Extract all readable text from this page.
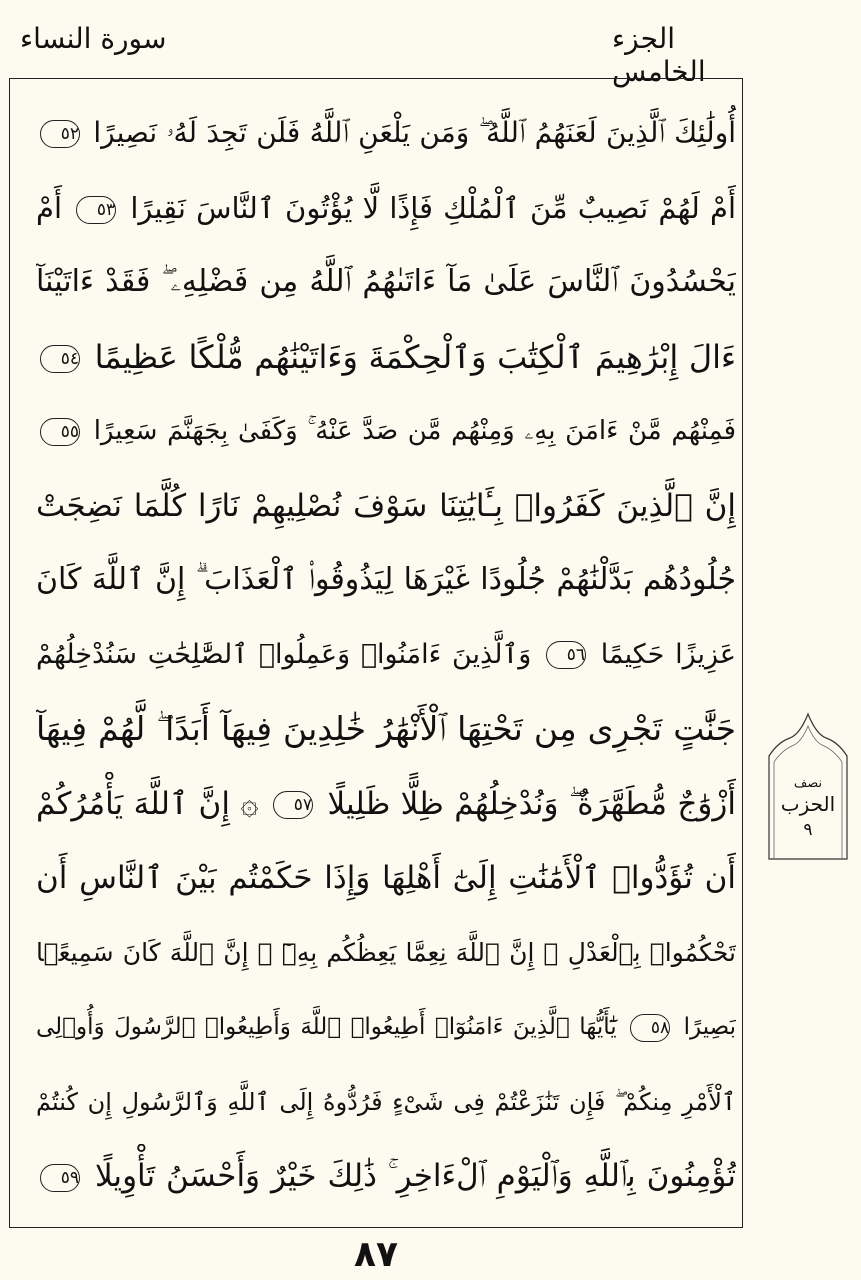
الجزء الخامس
سورة النساء
أُولَٰئِكَ ٱلَّذِينَ لَعَنَهُمُ ٱللَّهُ ۖ وَمَن يَلْعَنِ ٱللَّهُ فَلَن تَجِدَ لَهُۥ نَصِيرًا ٥٢
أَمْ لَهُمْ نَصِيبٌ مِّنَ ٱلْمُلْكِ فَإِذًا لَّا يُؤْتُونَ ٱلنَّاسَ نَقِيرًا ٥٣ أَمْ
يَحْسُدُونَ ٱلنَّاسَ عَلَىٰ مَآ ءَاتَىٰهُمُ ٱللَّهُ مِن فَضْلِهِۦ ۖ فَقَدْ ءَاتَيْنَآ
ءَالَ إِبْرَٰهِيمَ ٱلْكِتَٰبَ وَٱلْحِكْمَةَ وَءَاتَيْنَٰهُم مُّلْكًا عَظِيمًا ٥٤
فَمِنْهُم مَّنْ ءَامَنَ بِهِۦ وَمِنْهُم مَّن صَدَّ عَنْهُ ۚ وَكَفَىٰ بِجَهَنَّمَ سَعِيرًا ٥٥
إِنَّ ٱلَّذِينَ كَفَرُوا۟ بِـَٔايَٰتِنَا سَوْفَ نُصْلِيهِمْ نَارًا كُلَّمَا نَضِجَتْ
جُلُودُهُم بَدَّلْنَٰهُمْ جُلُودًا غَيْرَهَا لِيَذُوقُوا۟ ٱلْعَذَابَ ۗ إِنَّ ٱللَّهَ كَانَ
عَزِيزًا حَكِيمًا ٥٦ وَٱلَّذِينَ ءَامَنُوا۟ وَعَمِلُوا۟ ٱلصَّٰلِحَٰتِ سَنُدْخِلُهُمْ
جَنَّٰتٍ تَجْرِى مِن تَحْتِهَا ٱلْأَنْهَٰرُ خَٰلِدِينَ فِيهَآ أَبَدًا ۖ لَّهُمْ فِيهَآ
أَزْوَٰجٌ مُّطَهَّرَةٌ ۖ وَنُدْخِلُهُمْ ظِلًّا ظَلِيلًا ٥٧ ۞ إِنَّ ٱللَّهَ يَأْمُرُكُمْ
أَن تُؤَدُّوا۟ ٱلْأَمَٰنَٰتِ إِلَىٰٓ أَهْلِهَا وَإِذَا حَكَمْتُم بَيْنَ ٱلنَّاسِ أَن
تَحْكُمُوا۟ بِٱلْعَدْلِ ۚ إِنَّ ٱللَّهَ نِعِمَّا يَعِظُكُم بِهِۦٓ ۗ إِنَّ ٱللَّهَ كَانَ سَمِيعًۢا
بَصِيرًا ٥٨ يَٰٓأَيُّهَا ٱلَّذِينَ ءَامَنُوٓا۟ أَطِيعُوا۟ ٱللَّهَ وَأَطِيعُوا۟ ٱلرَّسُولَ وَأُو۟لِى
ٱلْأَمْرِ مِنكُمْ ۖ فَإِن تَنَٰزَعْتُمْ فِى شَىْءٍ فَرُدُّوهُ إِلَى ٱللَّهِ وَٱلرَّسُولِ إِن كُنتُمْ
تُؤْمِنُونَ بِٱللَّهِ وَٱلْيَوْمِ ٱلْءَاخِرِ ۚ ذَٰلِكَ خَيْرٌ وَأَحْسَنُ تَأْوِيلًا ٥٩
نصف
الحزب
٩
٨٧
